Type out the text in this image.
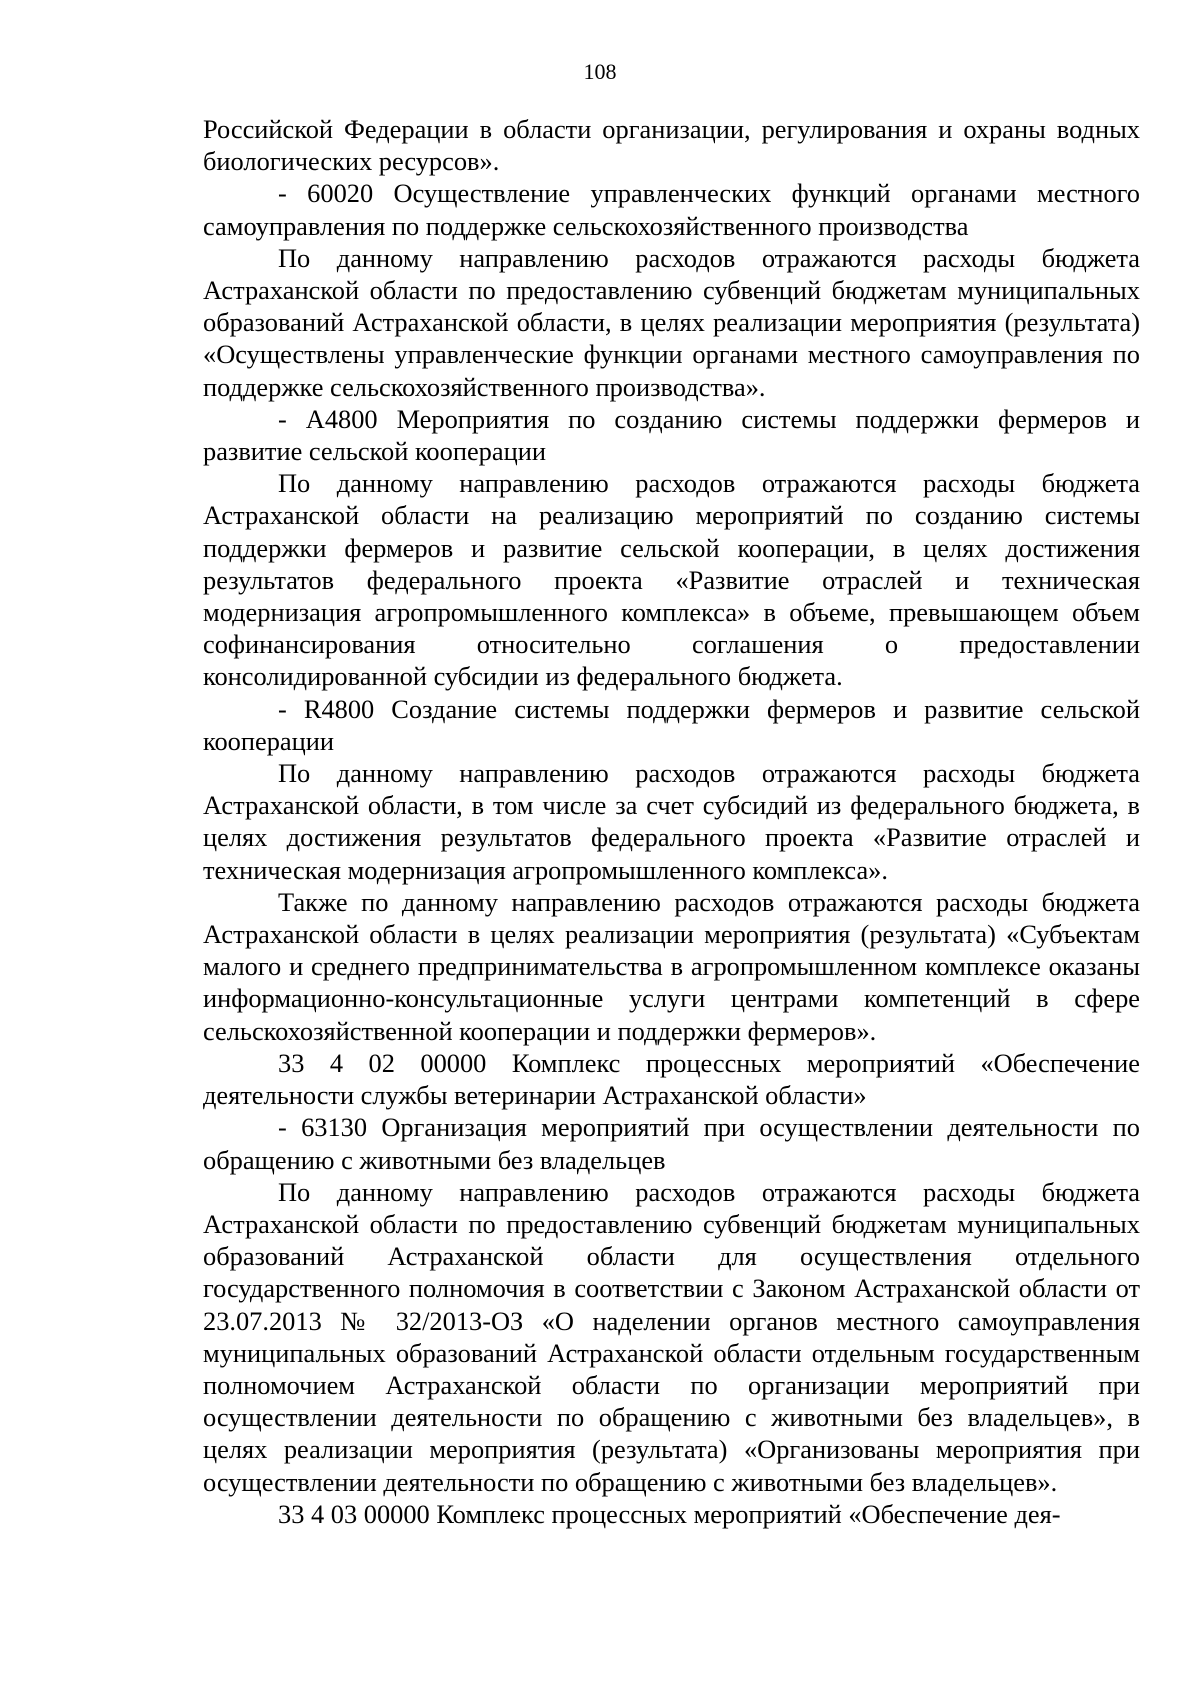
108

Российской Федерации в области организации, регулирования и охраны водных биологических ресурсов».

- 60020 Осуществление управленческих функций органами местного самоуправления по поддержке сельскохозяйственного производства

По данному направлению расходов отражаются расходы бюджета Астраханской области по предоставлению субвенций бюджетам муниципальных образований Астраханской области, в целях реализации мероприятия (результата) «Осуществлены управленческие функции органами местного самоуправления по поддержке сельскохозяйственного производства».

- А4800 Мероприятия по созданию системы поддержки фермеров и развитие сельской кооперации

По данному направлению расходов отражаются расходы бюджета Астраханской области на реализацию мероприятий по созданию системы поддержки фермеров и развитие сельской кооперации, в целях достижения результатов федерального проекта «Развитие отраслей и техническая модернизация агропромышленного комплекса» в объеме, превышающем объем софинансирования относительно соглашения о предоставлении консолидированной субсидии из федерального бюджета.

- R4800 Создание системы поддержки фермеров и развитие сельской кооперации

По данному направлению расходов отражаются расходы бюджета Астраханской области, в том числе за счет субсидий из федерального бюджета, в целях достижения результатов федерального проекта «Развитие отраслей и техническая модернизация агропромышленного комплекса».

Также по данному направлению расходов отражаются расходы бюджета Астраханской области в целях реализации мероприятия (результата) «Субъектам малого и среднего предпринимательства в агропромышленном комплексе оказаны информационно-консультационные услуги центрами компетенций в сфере сельскохозяйственной кооперации и поддержки фермеров».

33 4 02 00000 Комплекс процессных мероприятий «Обеспечение деятельности службы ветеринарии Астраханской области»

- 63130 Организация мероприятий при осуществлении деятельности по обращению с животными без владельцев

По данному направлению расходов отражаются расходы бюджета Астраханской области по предоставлению субвенций бюджетам муниципальных образований Астраханской области для осуществления отдельного государственного полномочия в соответствии с Законом Астраханской области от 23.07.2013 № 32/2013-ОЗ «О наделении органов местного самоуправления муниципальных образований Астраханской области отдельным государственным полномочием Астраханской области по организации мероприятий при осуществлении деятельности по обращению с животными без владельцев», в целях реализации мероприятия (результата) «Организованы мероприятия при осуществлении деятельности по обращению с животными без владельцев».

33 4 03 00000 Комплекс процессных мероприятий «Обеспечение дея-
